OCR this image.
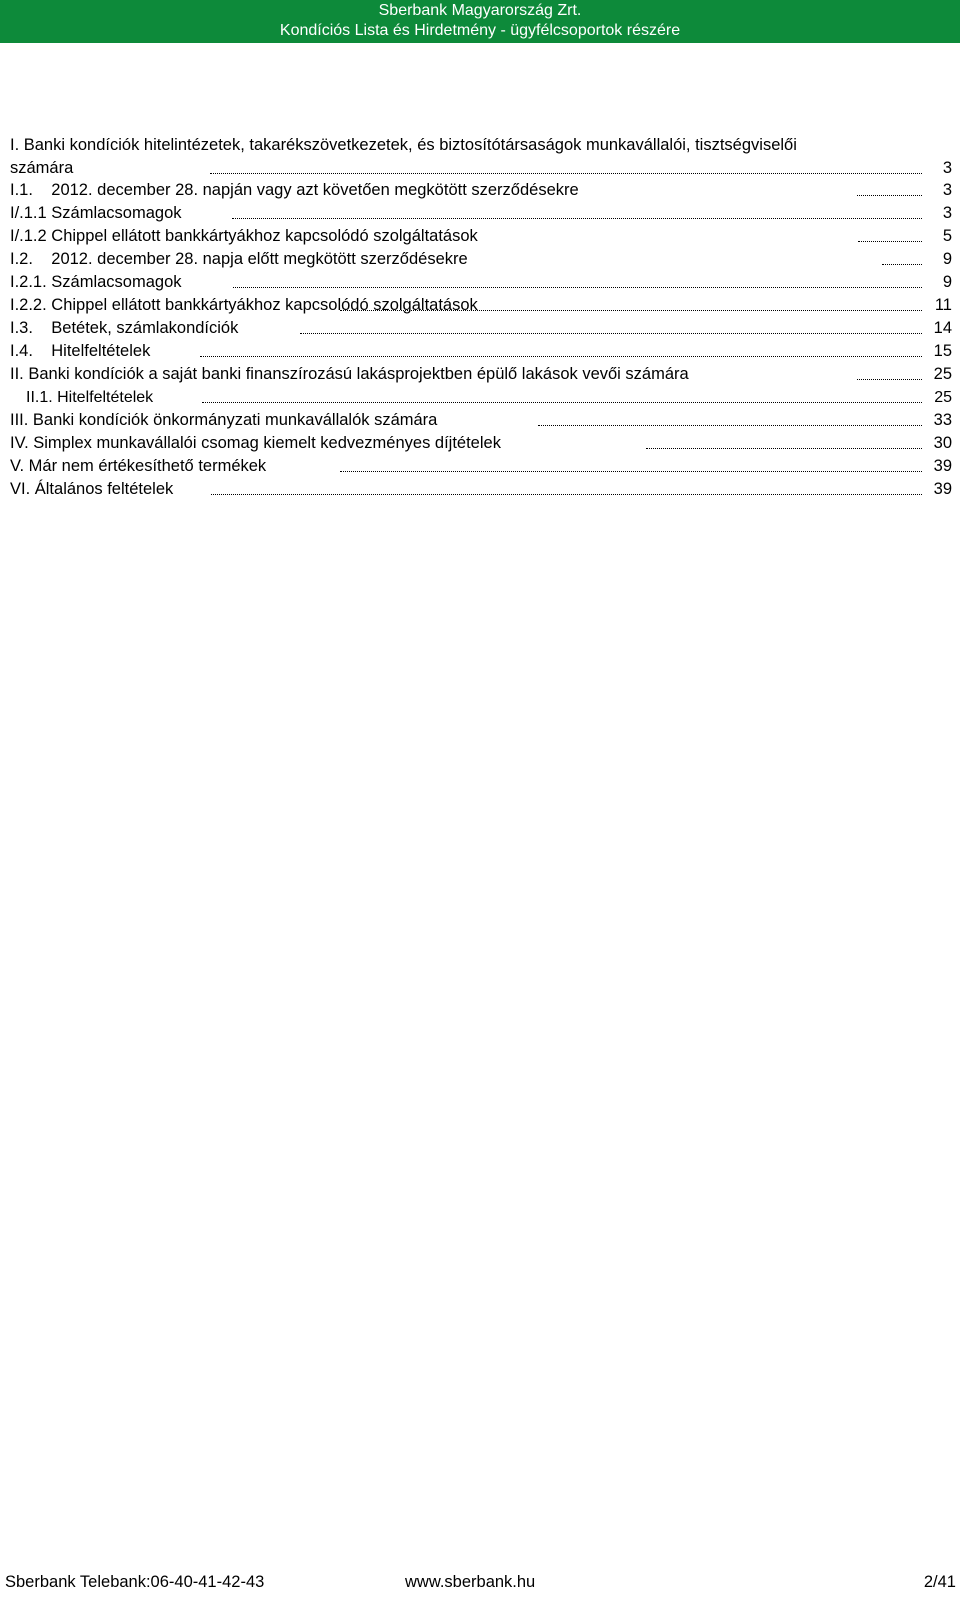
Sberbank Magyarország Zrt.
Kondíciós Lista és Hirdetmény - ügyfélcsoportok részére
I. Banki kondíciók hitelintézetek, takarékszövetkezetek, és biztosítótársaságok munkavállalói, tisztségviselői
számára	3
I.1.    2012. december 28. napján vagy azt követően megkötött szerződésekre	3
I/.1.1 Számlacsomagok	3
I/.1.2 Chippel ellátott bankkártyákhoz kapcsolódó szolgáltatások	5
I.2.    2012. december 28. napja előtt megkötött szerződésekre	9
I.2.1. Számlacsomagok	9
I.2.2. Chippel ellátott bankkártyákhoz kapcsolódó szolgáltatások	11
I.3.    Betétek, számlakondíciók	14
I.4.    Hitelfeltételek	15
II. Banki kondíciók a saját banki finanszírozású lakásprojektben épülő lakások vevői számára	25
II.1. Hitelfeltételek	25
III. Banki kondíciók önkormányzati munkavállalók számára	33
IV. Simplex munkavállalói csomag kiemelt kedvezményes díjtételek	30
V. Már nem értékesíthető termékek	39
VI. Általános feltételek	39
Sberbank Telebank:06-40-41-42-43	www.sberbank.hu	2/41
